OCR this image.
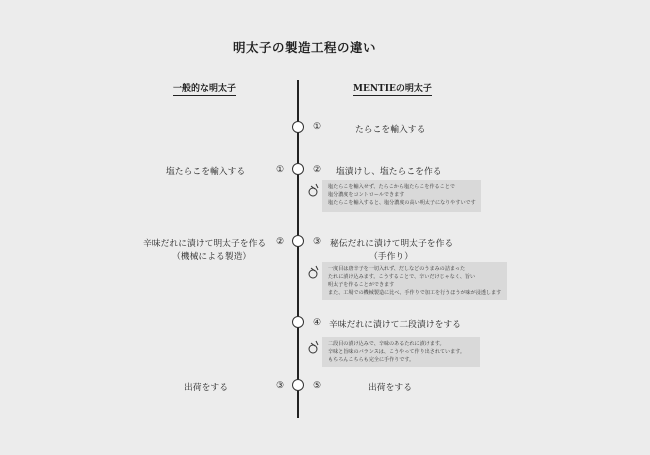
明太子の製造工程の違い
一般的な明太子	MENTIEの明太子
①	たらこを輸入する
塩たらこを輸入する	①	② 塩漬けし、塩たらこを作る
塩たらこを輸入せず、たらこから塩たらこを作ることで
塩分濃度をコントロールできます
塩たらこを輸入すると、塩分濃度の高い明太子になりやすいです
辛味だれに漬けて明太子を作る
（機械による製造）
②	③ 秘伝だれに漬けて明太子を作る
（手作り）
一度目は唐辛子を一切入れず、だしなどのうまみの詰まった
たれに漬け込みます。こうすることで、辛いだけじゃなく、旨い
明太子を作ることができます
また、工場での機械製造に比べ、手作りで加工を行うほうが味が浸透します
④ 辛味だれに漬けて二段漬けをする
二段目の漬け込みで、辛味のあるたれに漬けます。
辛味と旨味のバランスは、こうやって作り出されています。
もちろんこちらも完全に手作りです。
出荷をする	③	⑤	出荷をする
